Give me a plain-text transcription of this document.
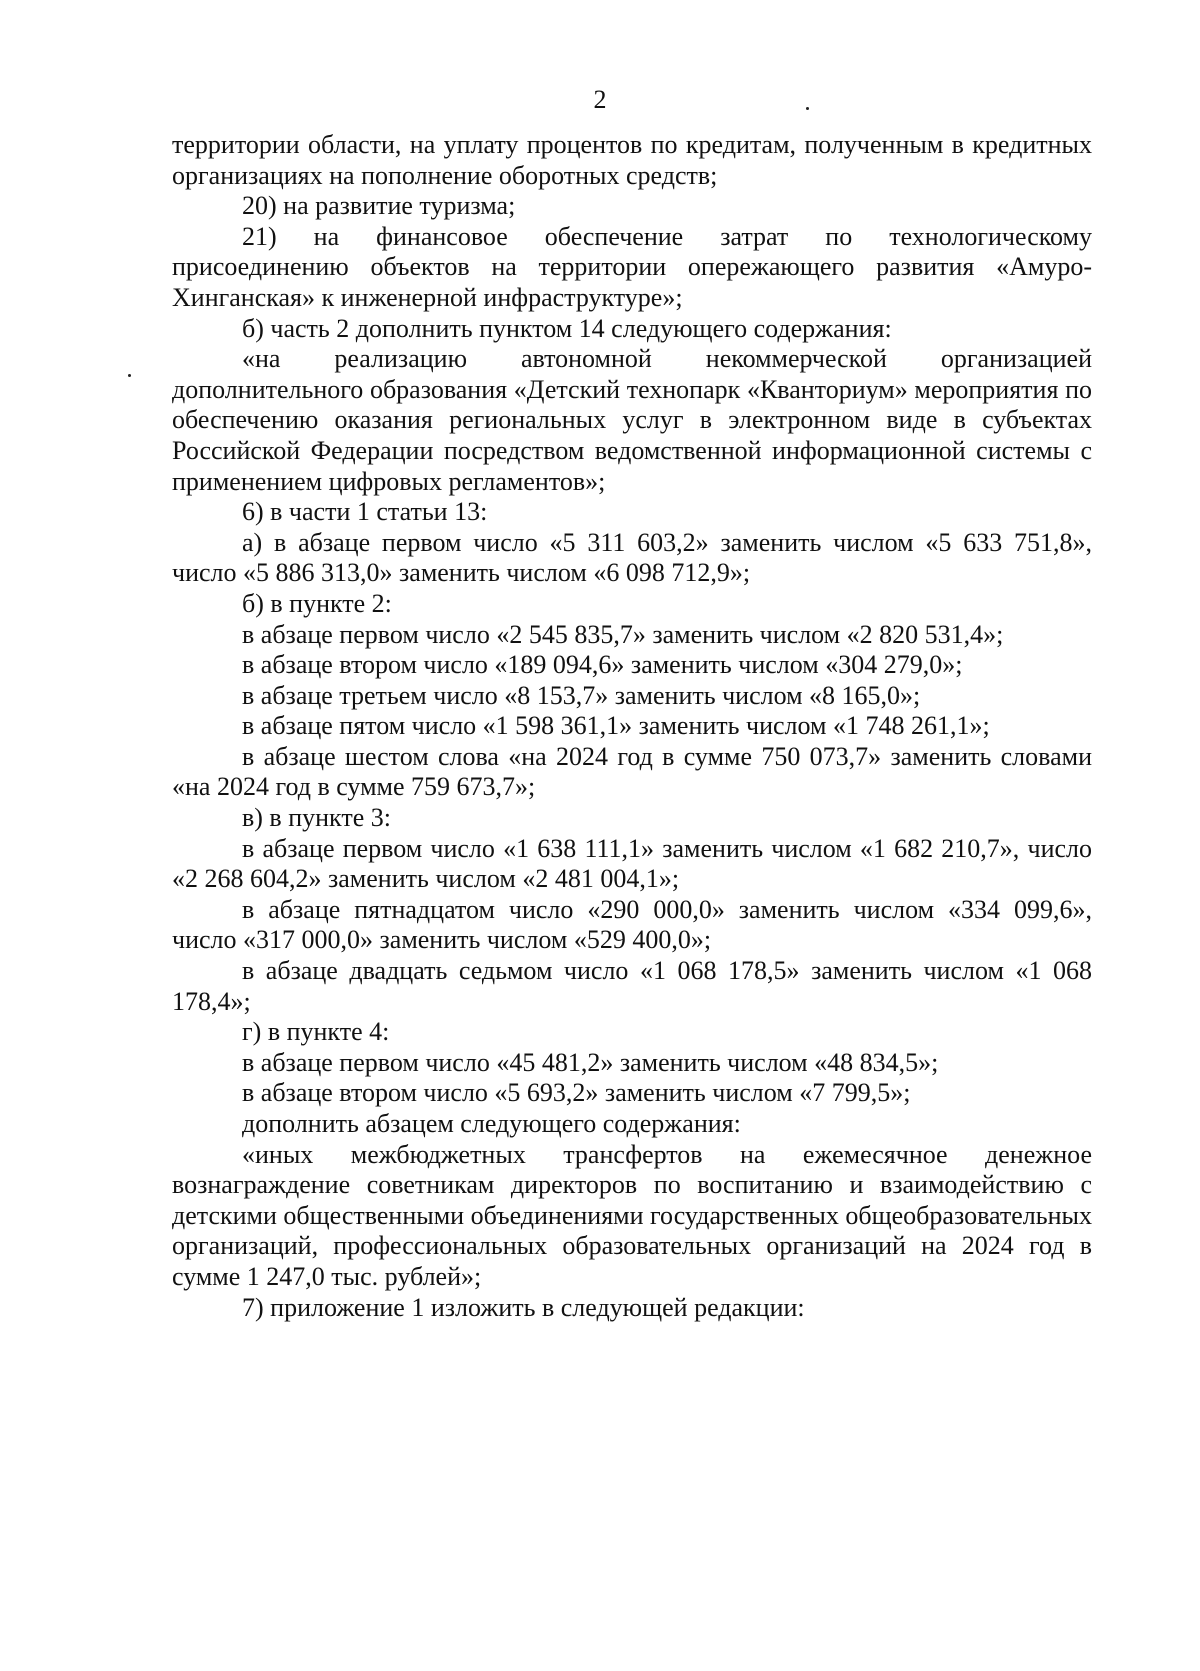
2

территории области, на уплату процентов по кредитам, полученным в кредитных организациях на пополнение оборотных средств;

20) на развитие туризма;

21) на финансовое обеспечение затрат по технологическому присоединению объектов на территории опережающего развития «Амуро-Хинганская» к инженерной инфраструктуре»;

б) часть 2 дополнить пунктом 14 следующего содержания:

«на реализацию автономной некоммерческой организацией дополнительного образования «Детский технопарк «Кванториум» мероприятия по обеспечению оказания региональных услуг в электронном виде в субъектах Российской Федерации посредством ведомственной информационной системы с применением цифровых регламентов»;

6) в части 1 статьи 13:

а) в абзаце первом число «5 311 603,2» заменить числом «5 633 751,8», число «5 886 313,0» заменить числом «6 098 712,9»;

б) в пункте 2:

в абзаце первом число «2 545 835,7» заменить числом «2 820 531,4»;

в абзаце втором число «189 094,6» заменить числом «304 279,0»;

в абзаце третьем число «8 153,7» заменить числом «8 165,0»;

в абзаце пятом число «1 598 361,1» заменить числом «1 748 261,1»;

в абзаце шестом слова «на 2024 год в сумме 750 073,7» заменить словами «на 2024 год в сумме 759 673,7»;

в) в пункте 3:

в абзаце первом число «1 638 111,1» заменить числом «1 682 210,7», число «2 268 604,2» заменить числом «2 481 004,1»;

в абзаце пятнадцатом число «290 000,0» заменить числом «334 099,6», число «317 000,0» заменить числом «529 400,0»;

в абзаце двадцать седьмом число «1 068 178,5» заменить числом «1 068 178,4»;

г) в пункте 4:

в абзаце первом число «45 481,2» заменить числом «48 834,5»;

в абзаце втором число «5 693,2» заменить числом «7 799,5»;

дополнить абзацем следующего содержания:

«иных межбюджетных трансфертов на ежемесячное денежное вознаграждение советникам директоров по воспитанию и взаимодействию с детскими общественными объединениями государственных общеобразовательных организаций, профессиональных образовательных организаций на 2024 год в сумме 1 247,0 тыс. рублей»;

7) приложение 1 изложить в следующей редакции:
